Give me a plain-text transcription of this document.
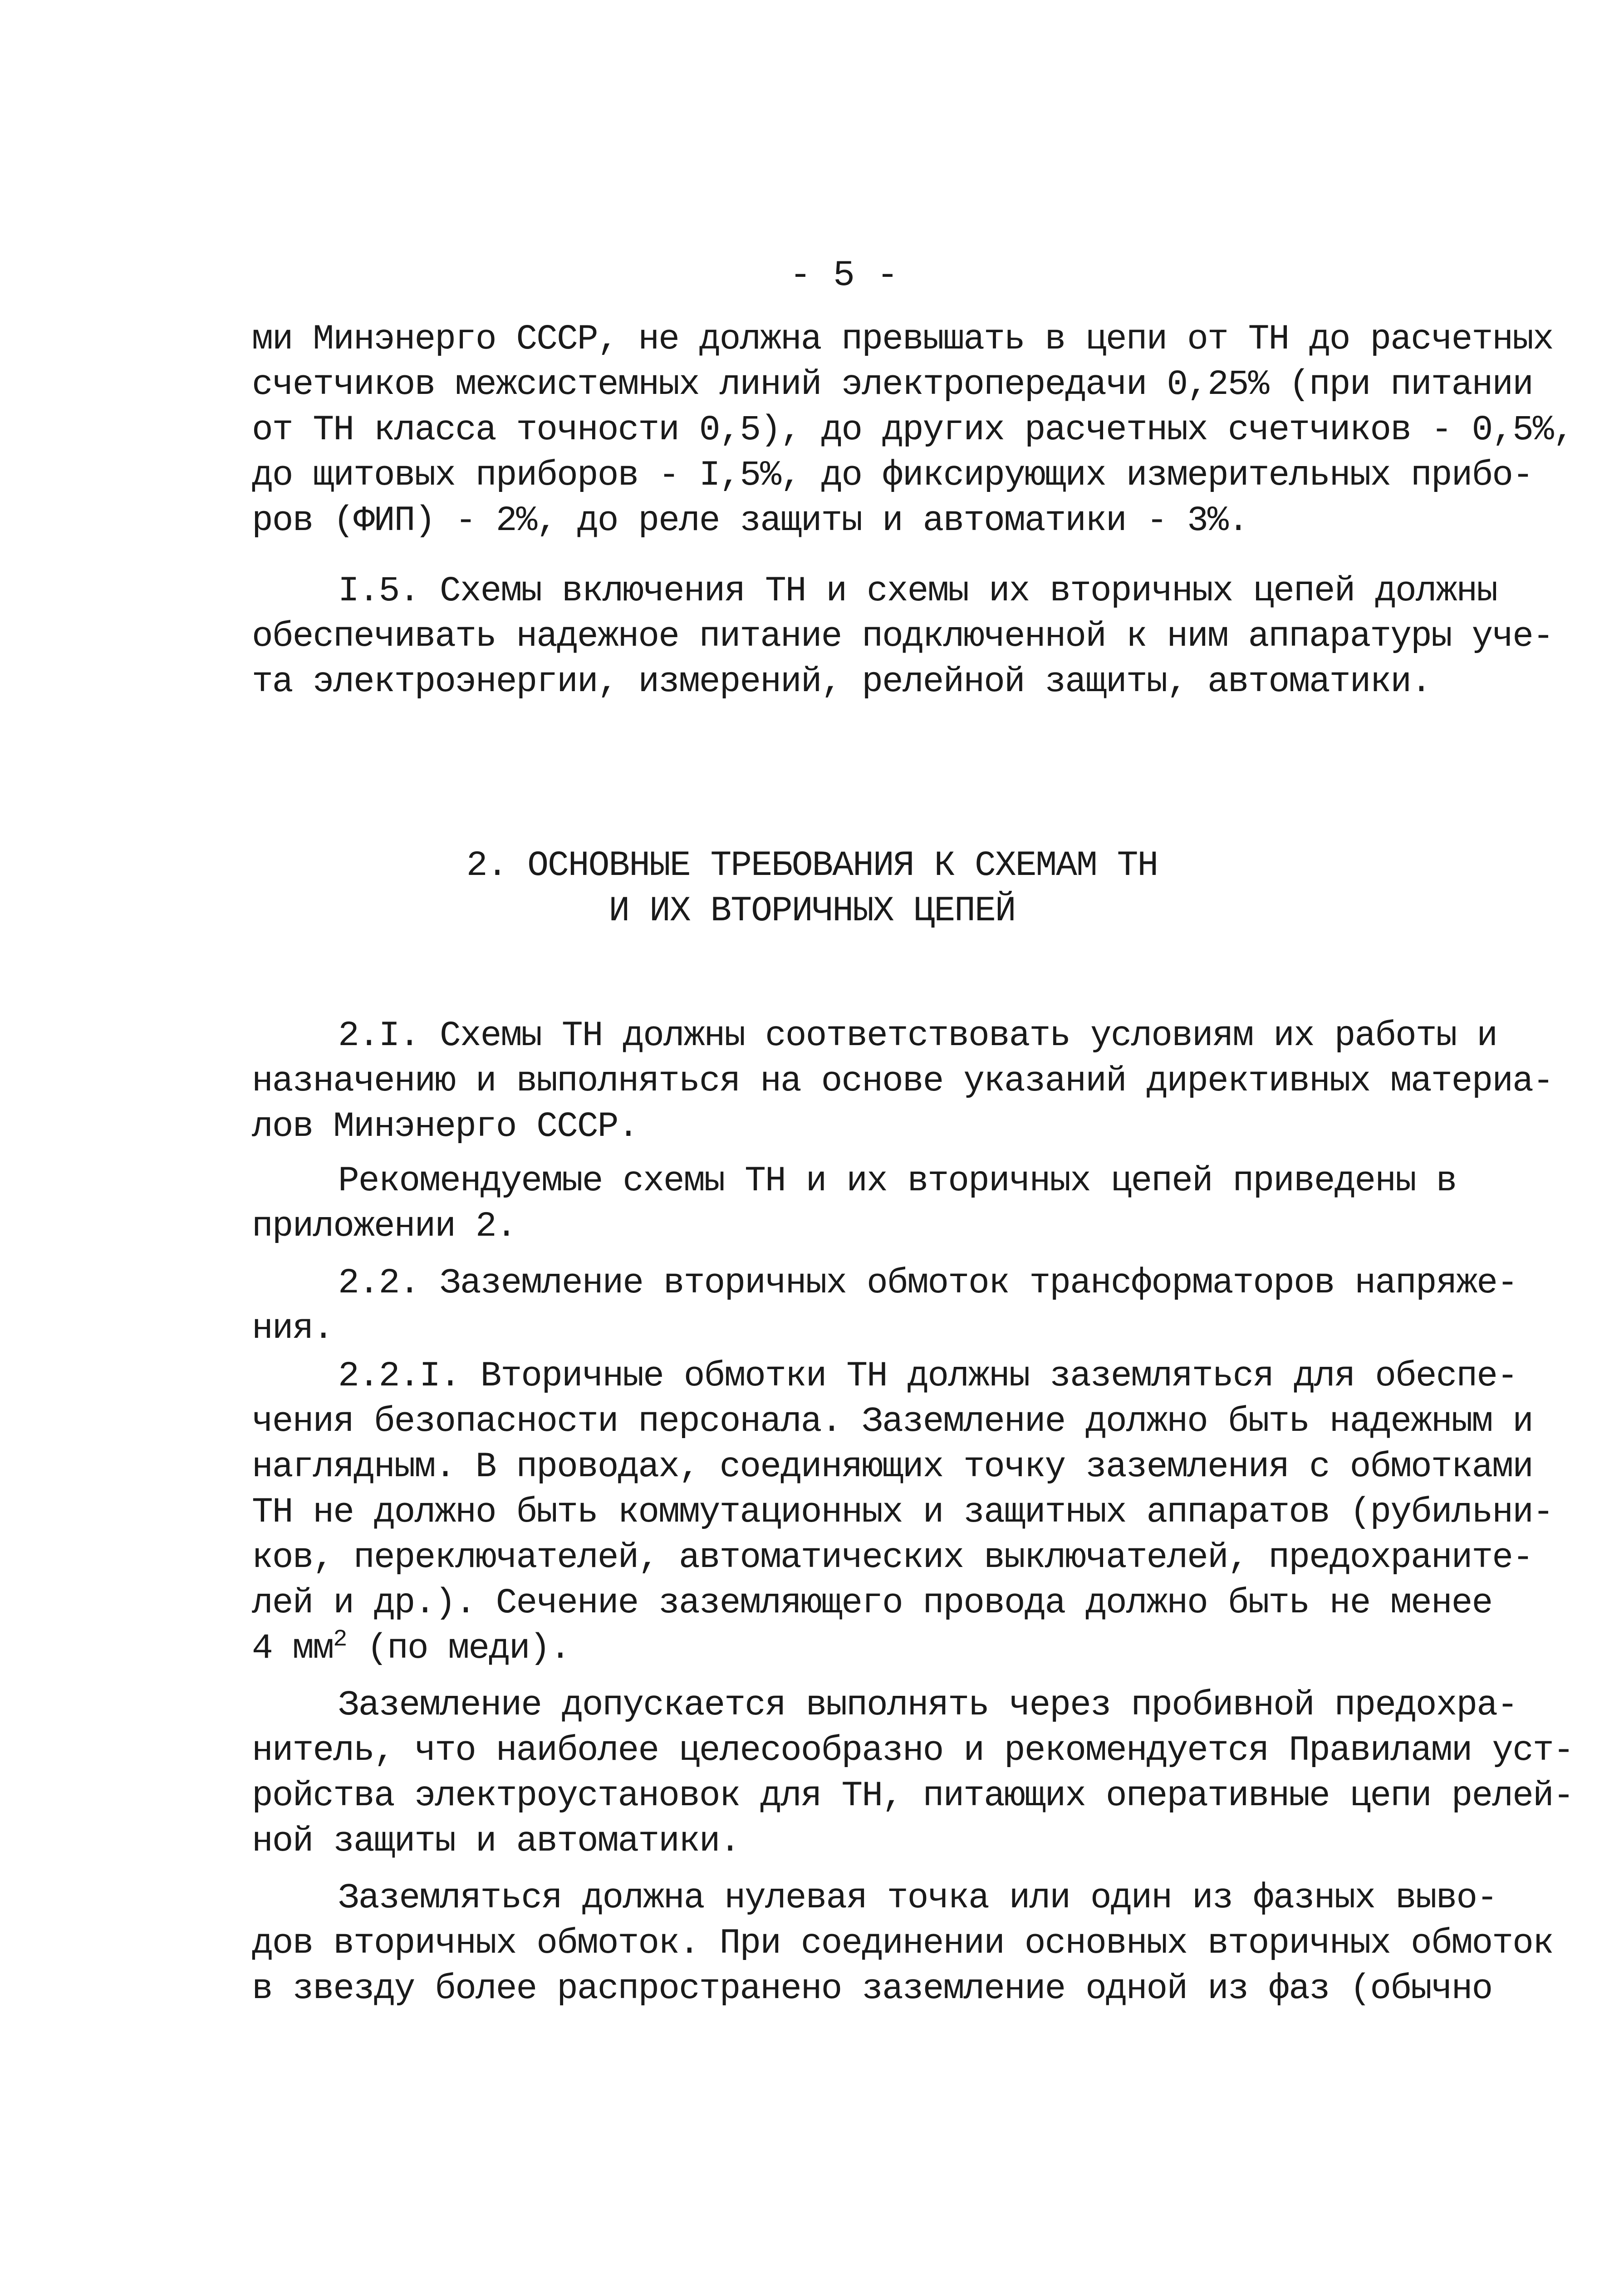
- 5 -
ми Минэнерго СССР, не должна превышать в цепи от ТН до расчетных
счетчиков межсистемных линий электропередачи 0,25% (при питании
от ТН класса точности 0,5), до других расчетных счетчиков - 0,5%,
до щитовых приборов - I,5%, до фиксирующих измерительных прибо-
ров (ФИП) - 2%, до реле защиты и автоматики - 3%.
I.5. Схемы включения ТН и схемы их вторичных цепей должны
обеспечивать надежное питание подключенной к ним аппаратуры уче-
та электроэнергии, измерений, релейной защиты, автоматики.
2. ОСНОВНЫЕ ТРЕБОВАНИЯ К СХЕМАМ ТН
И ИХ ВТОРИЧНЫХ ЦЕПЕЙ
2.I. Схемы ТН должны соответствовать условиям их работы и
назначению и выполняться на основе указаний директивных материа-
лов Минэнерго СССР.
Рекомендуемые схемы ТН и их вторичных цепей приведены в
приложении 2.
2.2. Заземление вторичных обмоток трансформаторов напряже-
ния.
2.2.I. Вторичные обмотки ТН должны заземляться для обеспе-
чения безопасности персонала. Заземление должно быть надежным и
наглядным. В проводах, соединяющих точку заземления с обмотками
ТН не должно быть коммутационных и защитных аппаратов (рубильни-
ков, переключателей, автоматических выключателей, предохраните-
лей и др.). Сечение заземляющего провода должно быть не менее
4 $мм^2$ (по меди).
Заземление допускается выполнять через пробивной предохра-
нитель, что наиболее целесообразно и рекомендуется Правилами уст-
ройства электроустановок для ТН, питающих оперативные цепи релей-
ной защиты и автоматики.
Заземляться должна нулевая точка или один из фазных выво-
дов вторичных обмоток. При соединении основных вторичных обмоток
в звезду более распространено заземление одной из фаз (обычно
